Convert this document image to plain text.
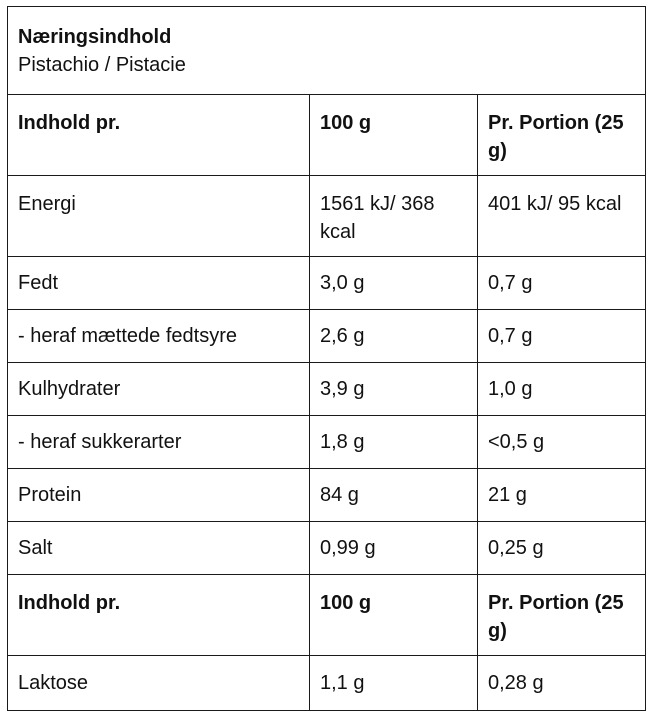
Næringsindhold
Pistachio / Pistacie		

Indhold pr.	100 g	Pr. Portion (25 g)
Energi	1561 kJ/ 368 kcal	401 kJ/ 95 kcal
Fedt	3,0 g	0,7 g
- heraf mættede fedtsyre	2,6 g	0,7 g
Kulhydrater	3,9 g	1,0 g
- heraf sukkerarter	1,8 g	<0,5 g
Protein	84 g	21 g
Salt	0,99 g	0,25 g
Indhold pr.	100 g	Pr. Portion (25 g)
Laktose	1,1 g	0,28 g
